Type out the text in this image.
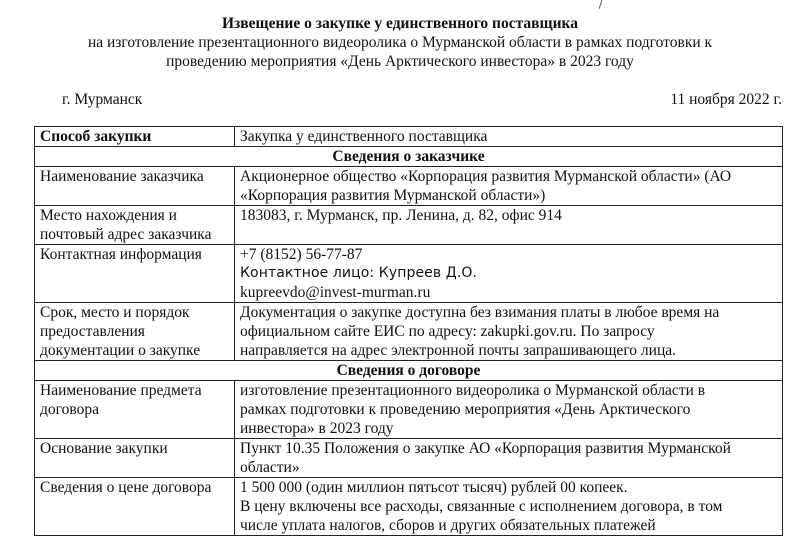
Извещение о закупке у единственного поставщика
на изготовление презентационного видеоролика о Мурманской области в рамках подготовки к
проведению мероприятия «День Арктического инвестора» в 2023 году
г. Мурманск	11 ноября 2022 г.
Способ закупки	Закупка у единственного поставщика
Сведения о заказчике	
Наименование заказчика	Акционерное общество «Корпорация развития Мурманской области» (АО
«Корпорация развития Мурманской области»)

Место нахождения и
почтовый адрес заказчика	183083, г. Мурманск, пр. Ленина, д. 82, офис 914
Контактная информация	+7 (8152) 56-77-87
Контактное лицо: Купреев Д.О.
kupreevdo@invest-murman.ru

Срок, место и порядок
предоставления
документации о закупке	Документация о закупке доступна без взимания платы в любое время на
официальном сайте ЕИС по адресу: zakupki.gov.ru. По запросу
направляется на адрес электронной почты запрашивающего лица.

Сведения о договоре	

Наименование предмета
договора	изготовление презентационного видеоролика о Мурманской области в
рамках подготовки к проведению мероприятия «День Арктического
инвестора» в 2023 году

Основание закупки	Пункт 10.35 Положения о закупке АО «Корпорация развития Мурманской
области»

Сведения о цене договора	1 500 000 (один миллион пятьсот тысяч) рублей 00 копеек.
В цену включены все расходы, связанные с исполнением договора, в том
числе уплата налогов, сборов и других обязательных платежей
